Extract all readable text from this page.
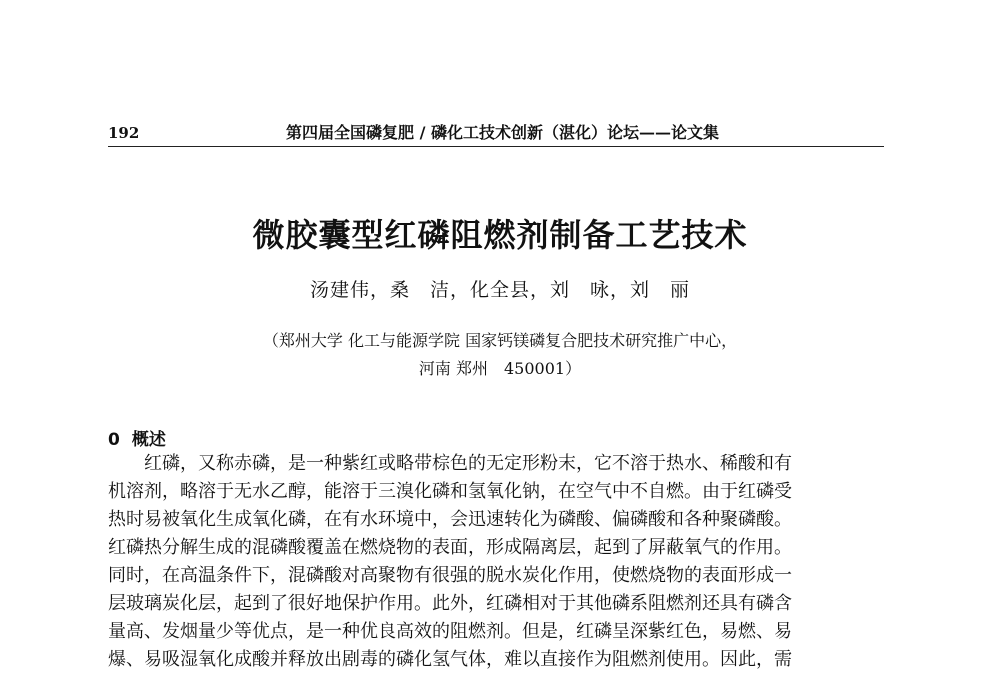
192	第四届全国磷复肥 / 磷化工技术创新（湛化）论坛——论文集
微胶囊型红磷阻燃剂制备工艺技术
汤建伟，桑　洁，化全县，刘　咏，刘　丽
（郑州大学 化工与能源学院 国家钙镁磷复合肥技术研究推广中心，
河南 郑州　450001）
0 概述
红磷，又称赤磷，是一种紫红或略带棕色的无定形粉末，它不溶于热水、稀酸和有
机溶剂，略溶于无水乙醇，能溶于三溴化磷和氢氧化钠，在空气中不自燃。由于红磷受
热时易被氧化生成氧化磷，在有水环境中，会迅速转化为磷酸、偏磷酸和各种聚磷酸。
红磷热分解生成的混磷酸覆盖在燃烧物的表面，形成隔离层，起到了屏蔽氧气的作用。
同时，在高温条件下，混磷酸对高聚物有很强的脱水炭化作用，使燃烧物的表面形成一
层玻璃炭化层，起到了很好地保护作用。此外，红磷相对于其他磷系阻燃剂还具有磷含
量高、发烟量少等优点，是一种优良高效的阻燃剂。但是，红磷呈深紫红色，易燃、易
爆、易吸湿氧化成酸并释放出剧毒的磷化氢气体，难以直接作为阻燃剂使用。因此，需
